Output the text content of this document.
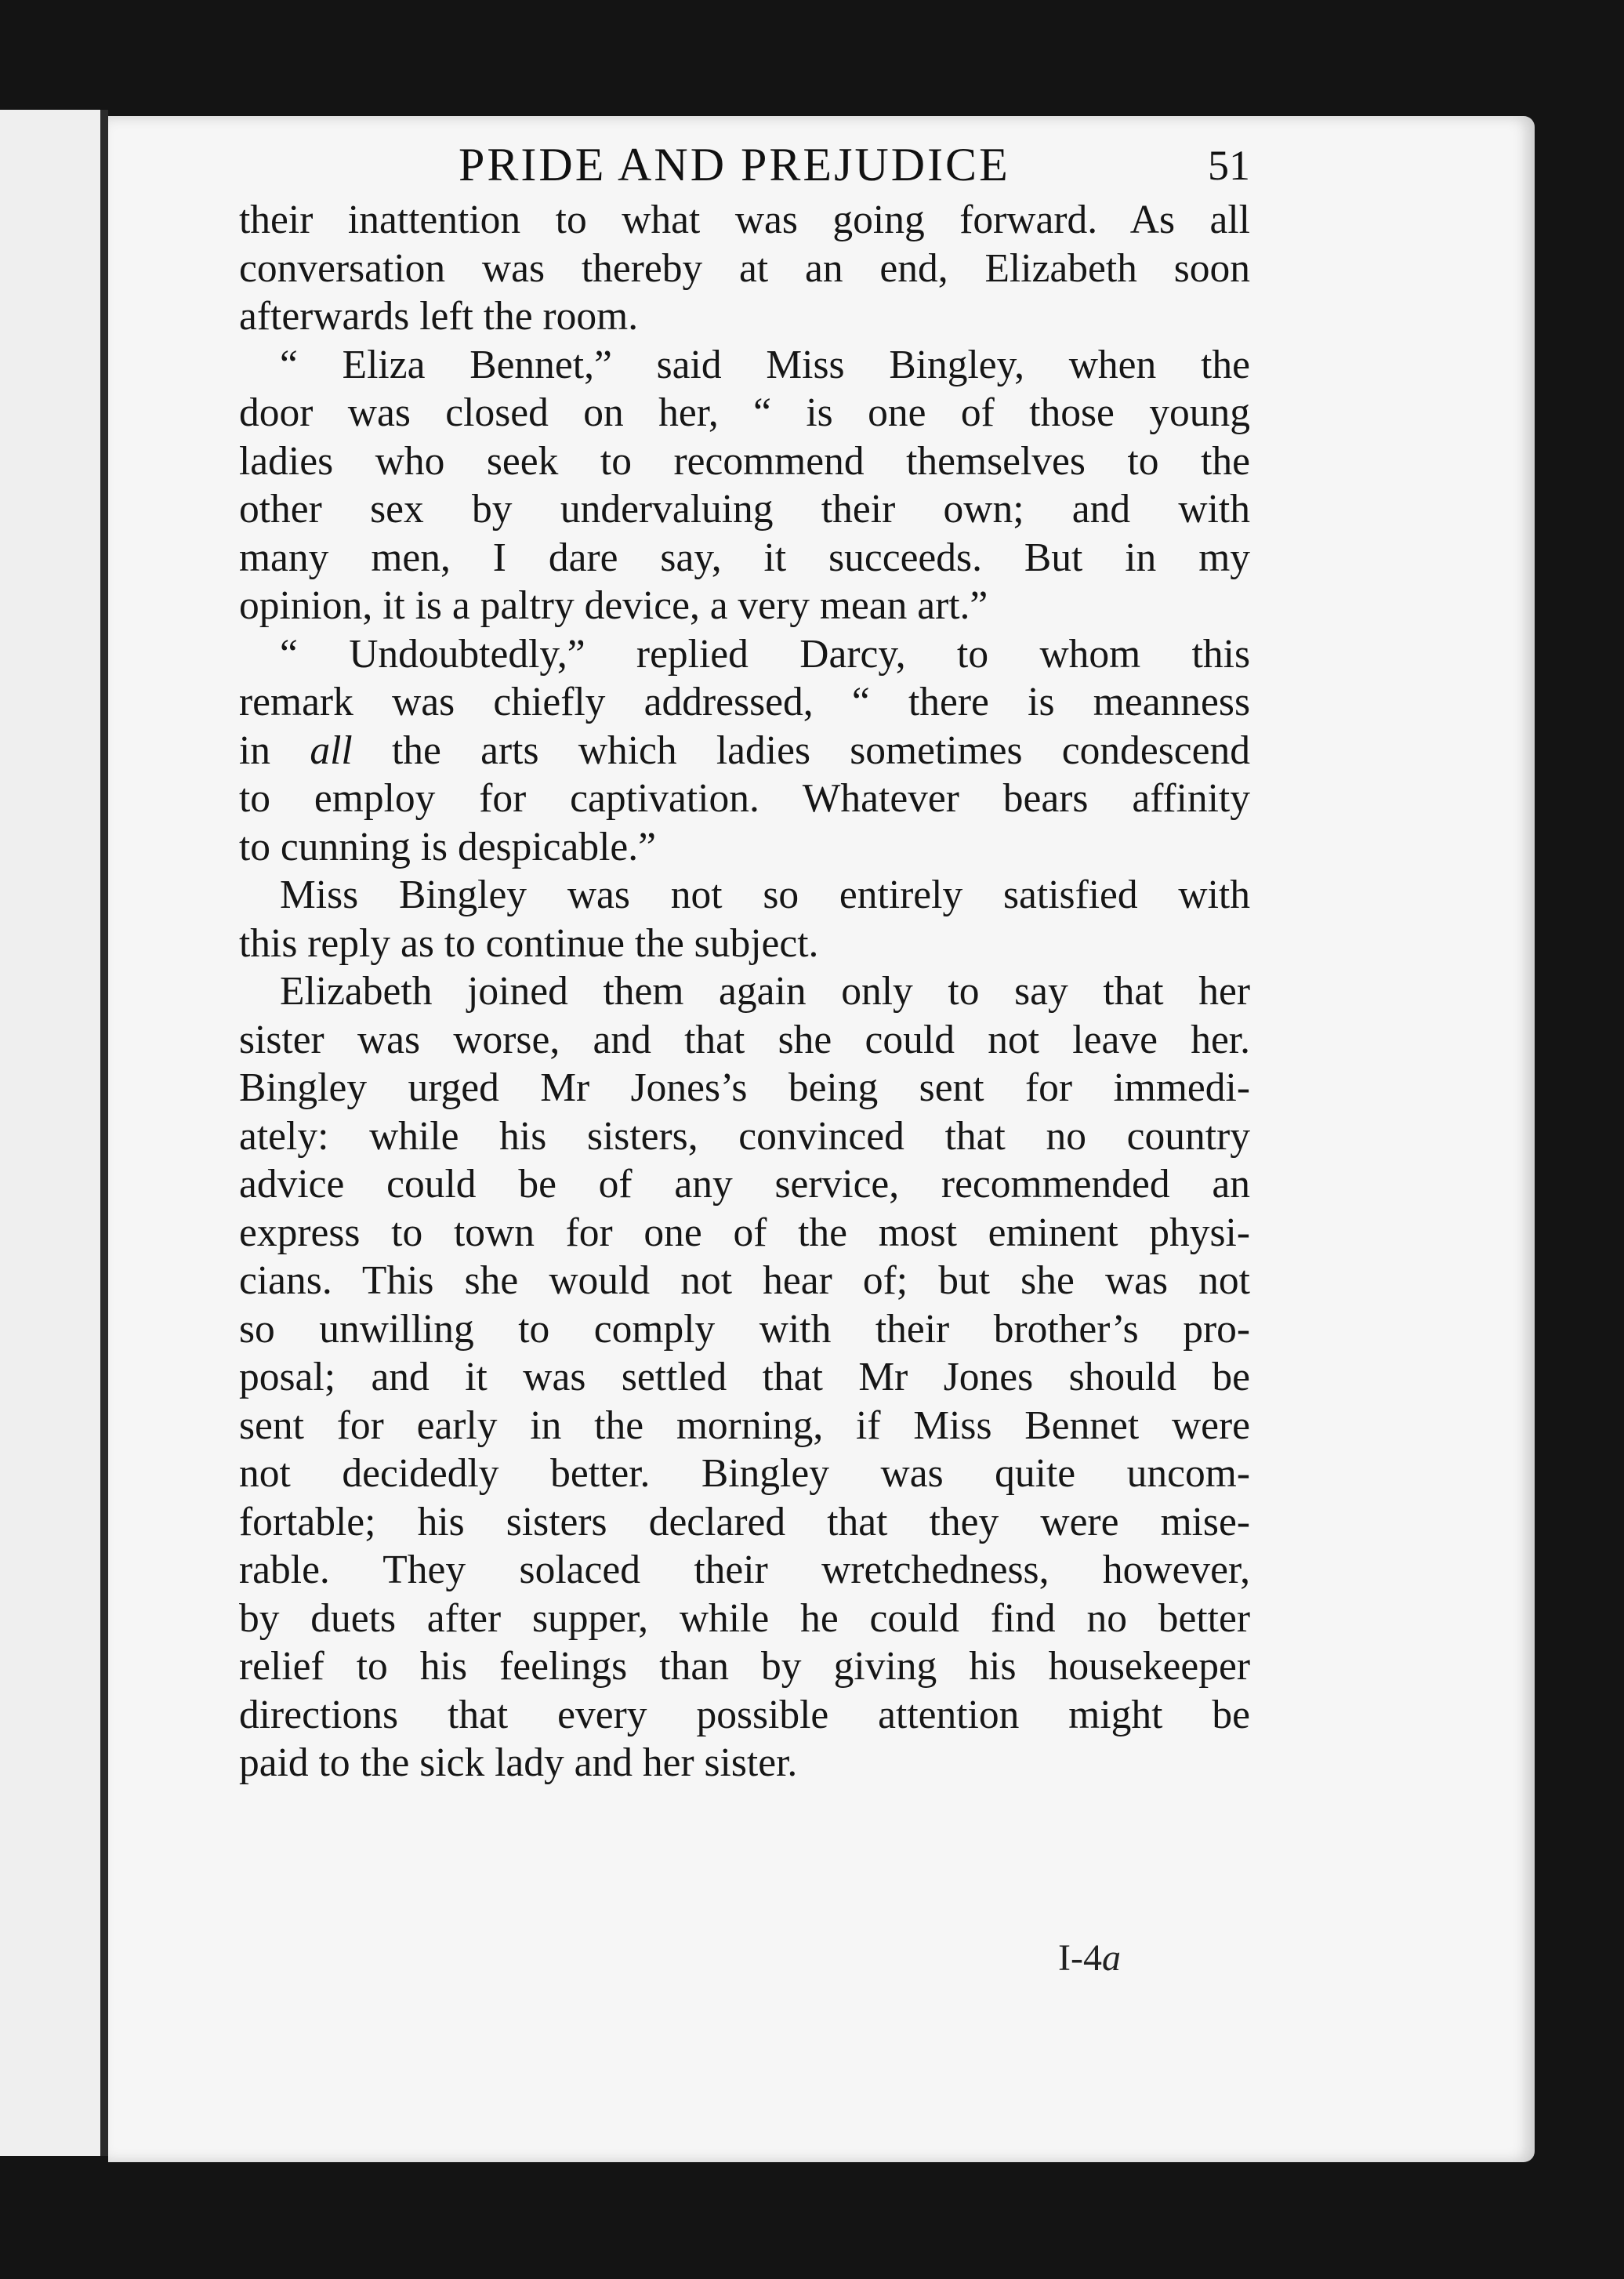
PRIDE AND PREJUDICE	51

their inattention to what was going forward. As all

conversation was thereby at an end, Elizabeth soon

afterwards left the room.

“ Eliza Bennet,” said Miss Bingley, when the

door was closed on her, “ is one of those young

ladies who seek to recommend themselves to the

other sex by undervaluing their own; and with

many men, I dare say, it succeeds. But in my

opinion, it is a paltry device, a very mean art.”

“ Undoubtedly,” replied Darcy, to whom this

remark was chiefly addressed, “ there is meanness

in all the arts which ladies sometimes condescend

to employ for captivation. Whatever bears affinity

to cunning is despicable.”

Miss Bingley was not so entirely satisfied with

this reply as to continue the subject.

Elizabeth joined them again only to say that her

sister was worse, and that she could not leave her.

Bingley urged Mr Jones’s being sent for immedi-

ately: while his sisters, convinced that no country

advice could be of any service, recommended an

express to town for one of the most eminent physi-

cians. This she would not hear of; but she was not

so unwilling to comply with their brother’s pro-

posal; and it was settled that Mr Jones should be

sent for early in the morning, if Miss Bennet were

not decidedly better. Bingley was quite uncom-

fortable; his sisters declared that they were mise-

rable. They solaced their wretchedness, however,

by duets after supper, while he could find no better

relief to his feelings than by giving his housekeeper

directions that every possible attention might be

paid to the sick lady and her sister.

I-4a
